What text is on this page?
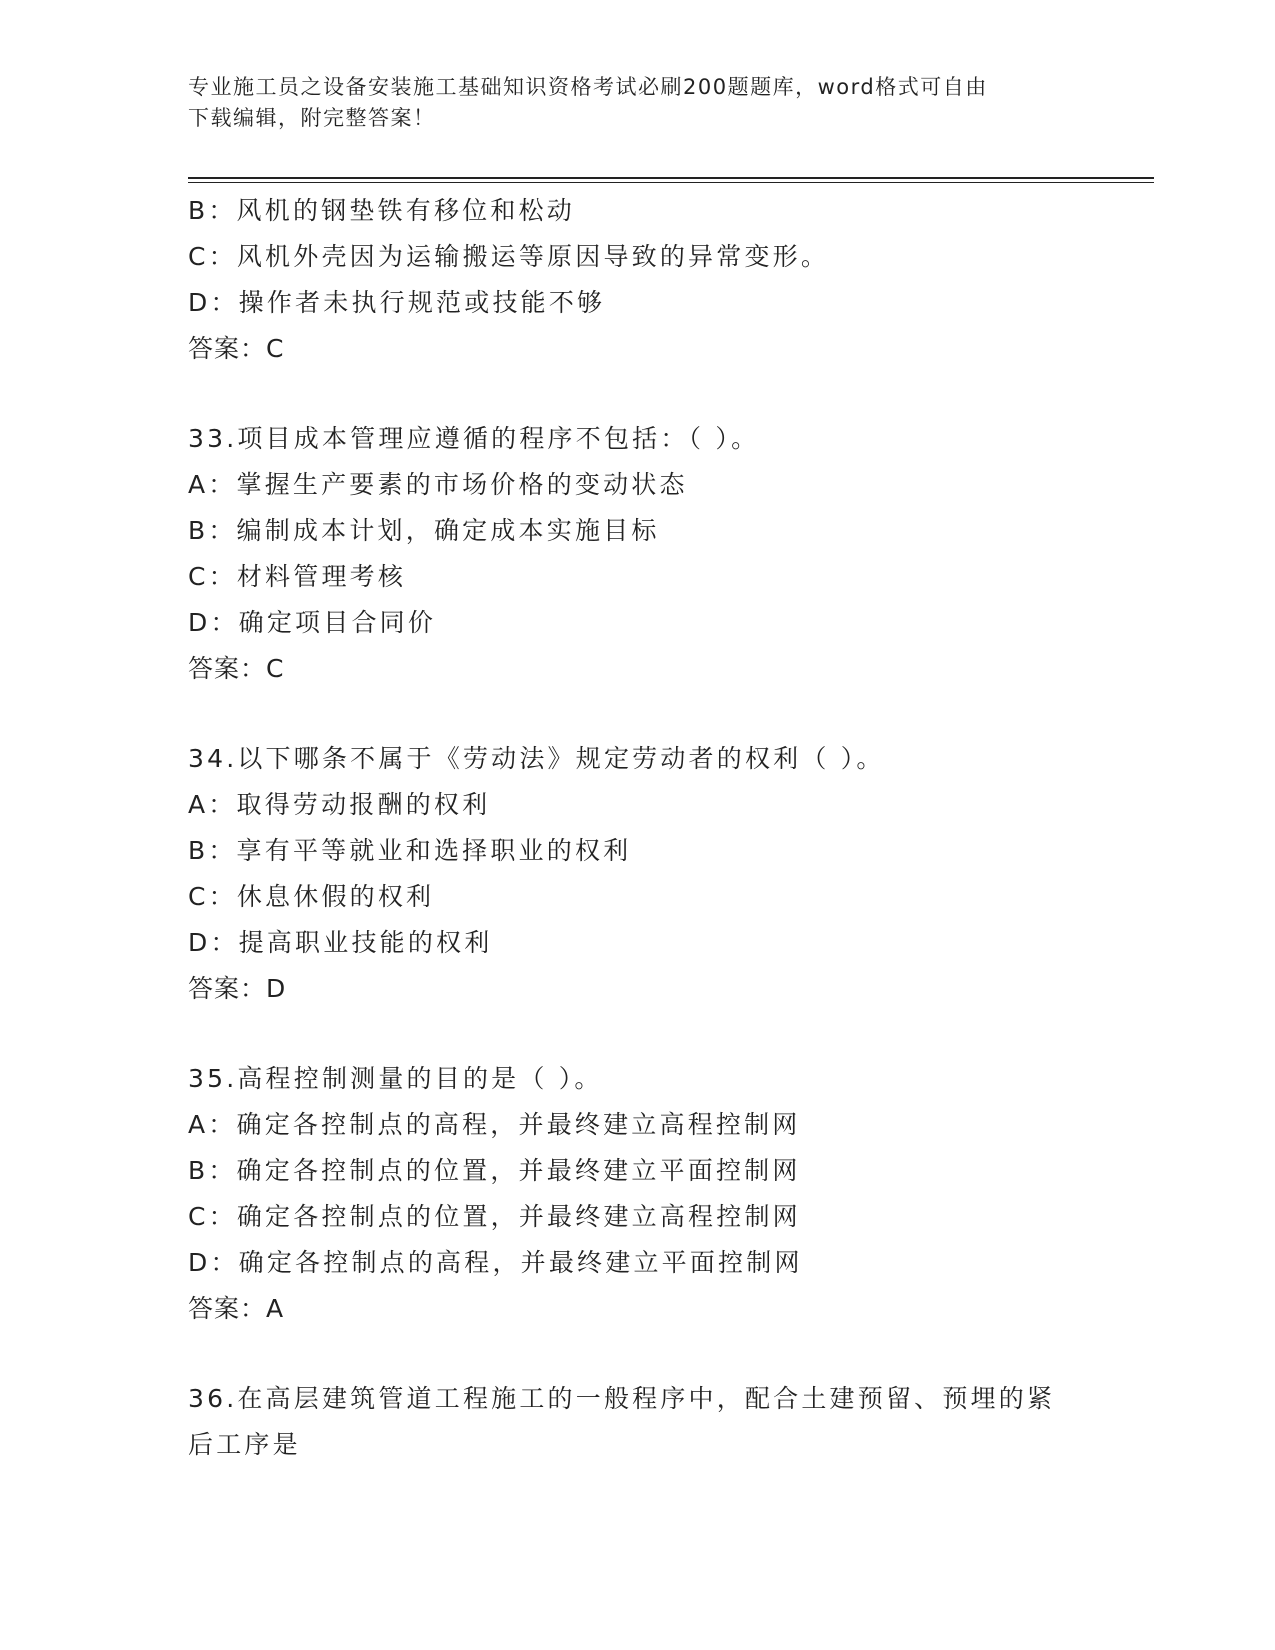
专业施工员之设备安装施工基础知识资格考试必刷200题题库，word格式可自由
下载编辑，附完整答案！
B：风机的钢垫铁有移位和松动
C：风机外壳因为运输搬运等原因导致的异常变形。
D：操作者未执行规范或技能不够
答案：C
33.项目成本管理应遵循的程序不包括：（ ）。
A：掌握生产要素的市场价格的变动状态
B：编制成本计划，确定成本实施目标
C：材料管理考核
D：确定项目合同价
答案：C
34.以下哪条不属于《劳动法》规定劳动者的权利（ ）。
A：取得劳动报酬的权利
B：享有平等就业和选择职业的权利
C：休息休假的权利
D：提高职业技能的权利
答案：D
35.高程控制测量的目的是（ ）。
A：确定各控制点的高程，并最终建立高程控制网
B：确定各控制点的位置，并最终建立平面控制网
C：确定各控制点的位置，并最终建立高程控制网
D：确定各控制点的高程，并最终建立平面控制网
答案：A
36.在高层建筑管道工程施工的一般程序中，配合土建预留、预埋的紧
后工序是
